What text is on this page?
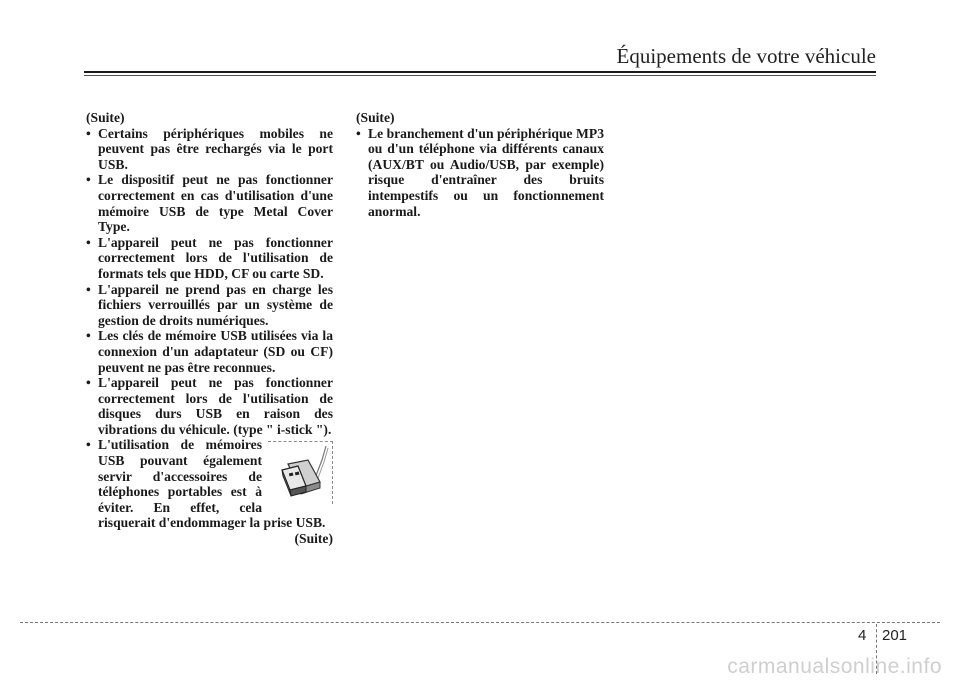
Équipements de votre véhicule

(Suite)

• Certains périphériques mobiles ne peuvent pas être rechargés via le port USB.
• Le dispositif peut ne pas fonctionner correctement en cas d'utilisation d'une mémoire USB de type Metal Cover Type.
• L'appareil peut ne pas fonctionner correctement lors de l'utilisation de formats tels que HDD, CF ou carte SD.
• L'appareil ne prend pas en charge les fichiers verrouillés par un système de gestion de droits numériques.
• Les clés de mémoire USB utilisées via la connexion d'un adaptateur (SD ou CF) peuvent ne pas être reconnues.
• L'appareil peut ne pas fonctionner correctement lors de l'utilisation de disques durs USB en raison des vibrations du véhicule. (type " i-stick ").
• L'utilisation de mémoires USB pouvant également servir d'accessoires de téléphones portables est à éviter. En effet, cela risquerait d'endommager la prise USB.

(Suite)

(Suite)

• Le branchement d'un périphérique MP3 ou d'un téléphone via différents canaux (AUX/BT ou Audio/USB, par exemple) risque d'entraîner des bruits intempestifs ou un fonctionnement anormal.
4 201
carmanualsonline.info
